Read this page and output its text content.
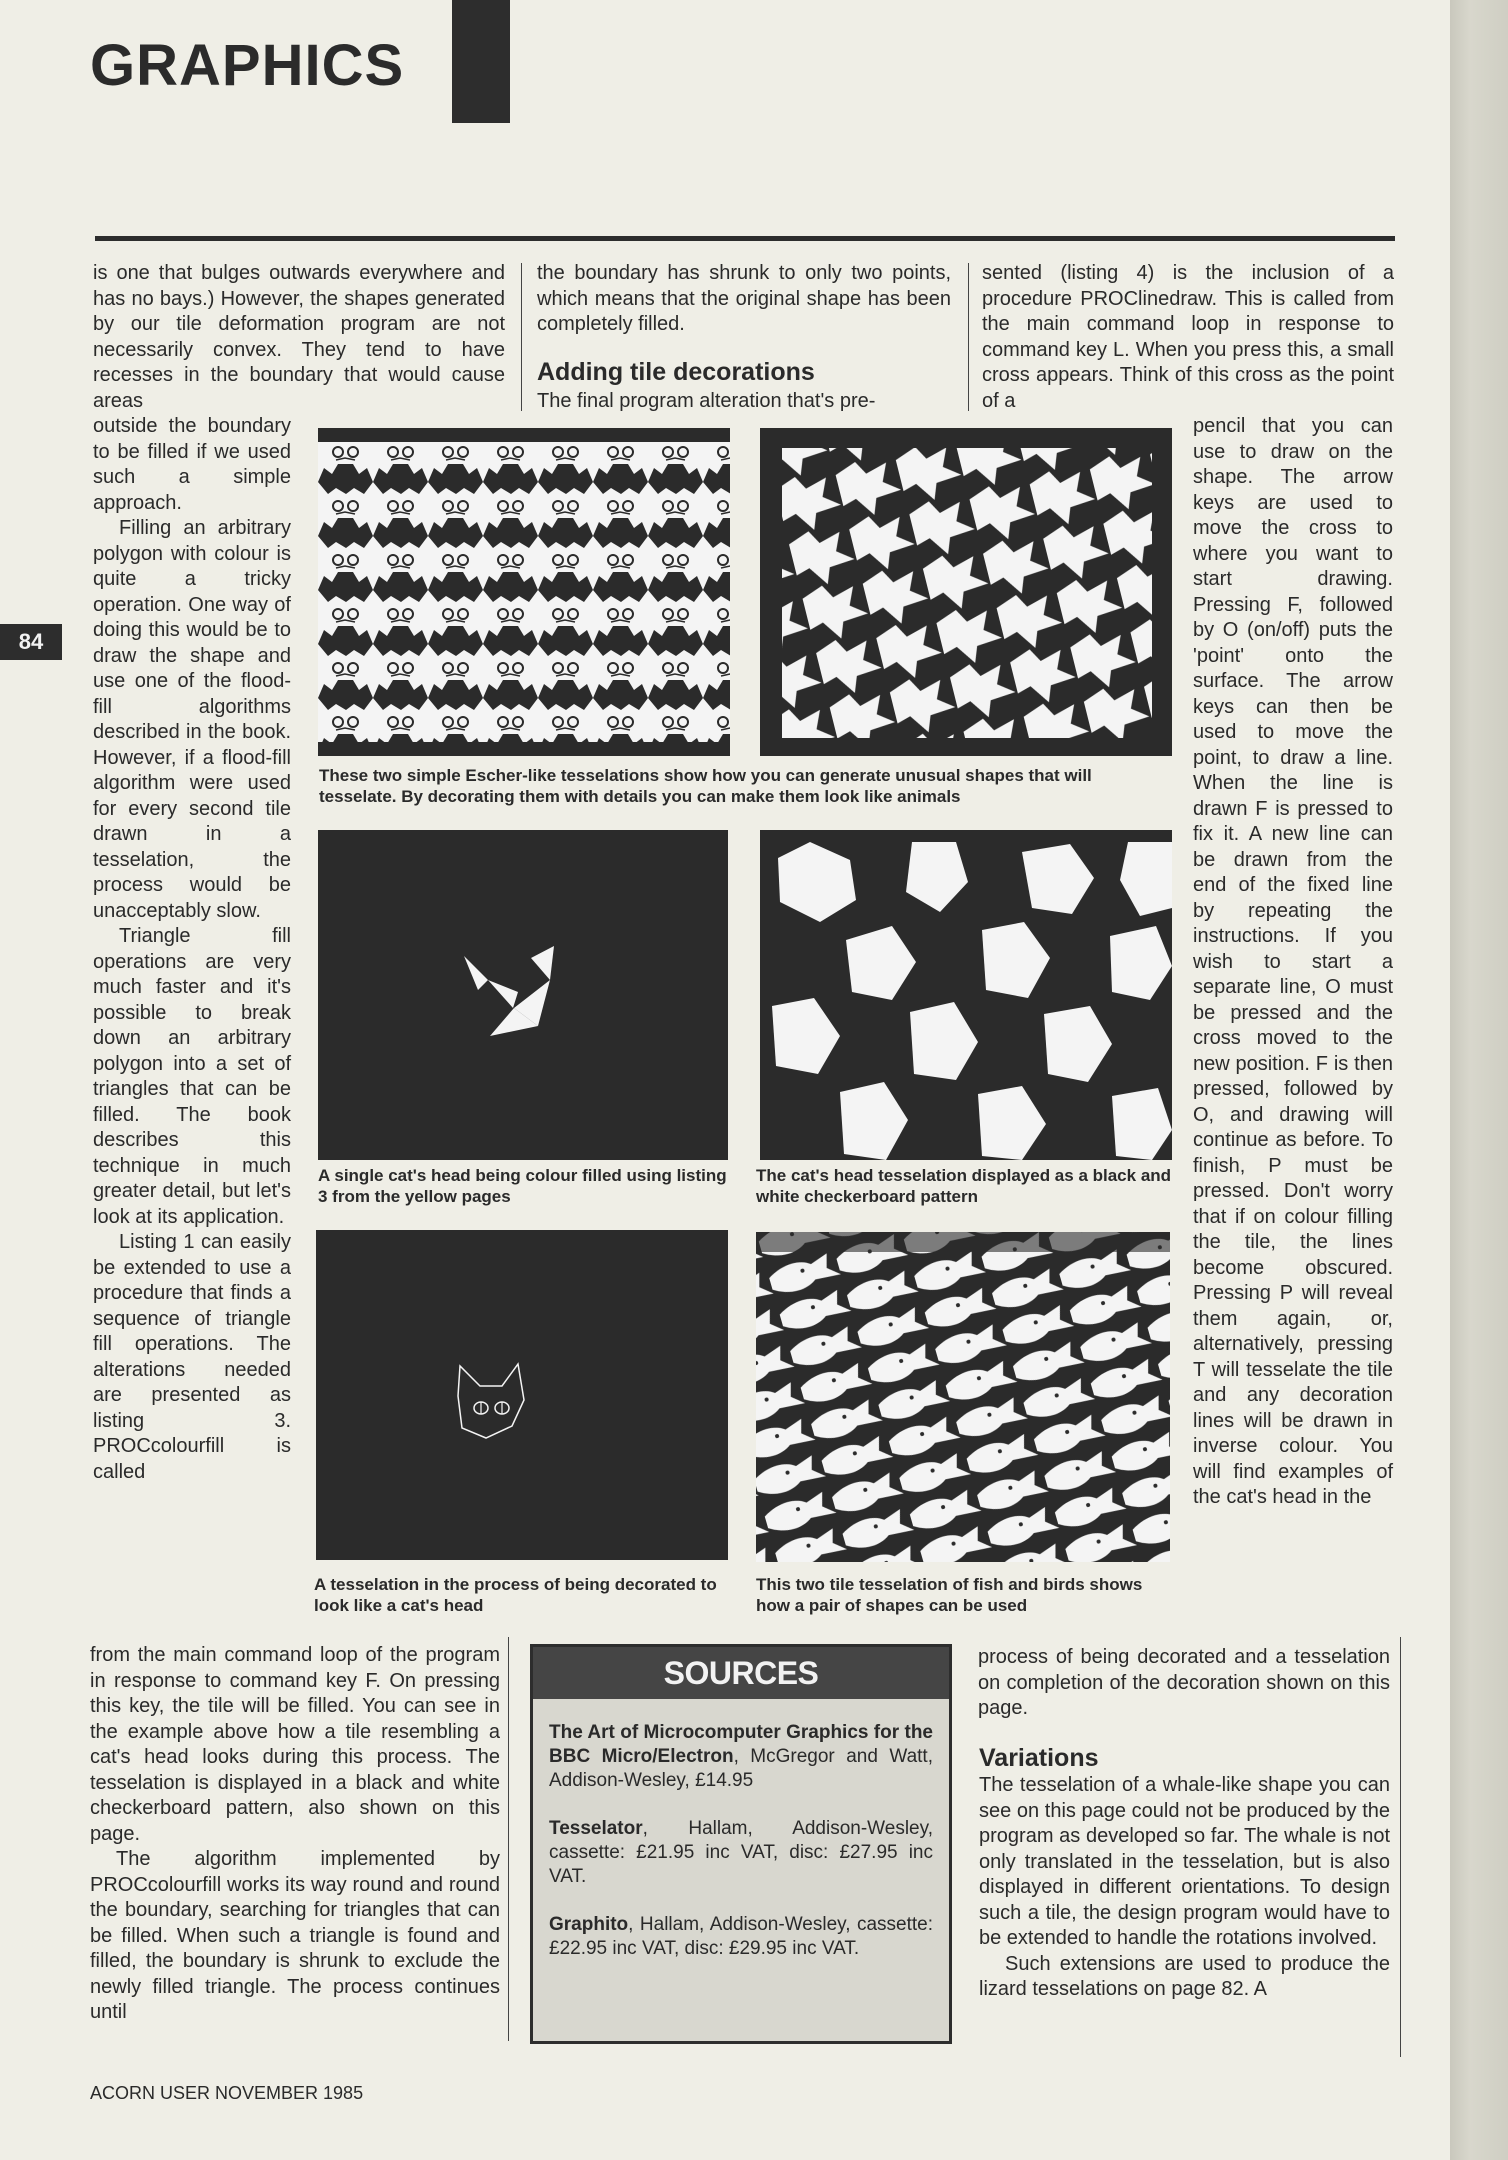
GRAPHICS
84

is one that bulges outwards everywhere and has no bays.) However, the shapes generated by our tile deformation program are not necessarily convex. They tend to have recesses in the boundary that would cause areas

outside the boundary to be filled if we used such a simple approach.

Filling an arbitrary polygon with colour is quite a tricky operation. One way of doing this would be to draw the shape and use one of the flood-fill algorithms described in the book. However, if a flood-fill algorithm were used for every second tile drawn in a tesselation, the process would be unacceptably slow.

Triangle fill operations are very much faster and it's possible to break down an arbitrary polygon into a set of triangles that can be filled. The book describes this technique in much greater detail, but let's look at its application.

Listing 1 can easily be extended to use a procedure that finds a sequence of triangle fill operations. The alterations needed are presented as listing 3. PROCcolourfill is called

from the main command loop of the program in response to command key F. On pressing this key, the tile will be filled. You can see in the example above how a tile resembling a cat's head looks during this process. The tesselation is displayed in a black and white checkerboard pattern, also shown on this page.

The algorithm implemented by PROCcolourfill works its way round and round the boundary, searching for triangles that can be filled. When such a triangle is found and filled, the boundary is shrunk to exclude the newly filled triangle. The process continues until

the boundary has shrunk to only two points, which means that the original shape has been completely filled.

Adding tile decorations

The final program alteration that's pre-

sented (listing 4) is the inclusion of a procedure PROClinedraw. This is called from the main command loop in response to command key L. When you press this, a small cross appears. Think of this cross as the point of a

pencil that you can use to draw on the shape. The arrow keys are used to move the cross to where you want to start drawing. Pressing F, followed by O (on/off) puts the 'point' onto the surface. The arrow keys can then be used to move the point, to draw a line. When the line is drawn F is pressed to fix it. A new line can be drawn from the end of the fixed line by repeating the instructions. If you wish to start a separate line, O must be pressed and the cross moved to the new position. F is then pressed, followed by O, and drawing will continue as before. To finish, P must be pressed. Don't worry that if on colour filling the tile, the lines become obscured. Pressing P will reveal them again, or, alternatively, pressing T will tesselate the tile and any decoration lines will be drawn in inverse colour. You will find examples of the cat's head in the

process of being decorated and a tesselation on completion of the decoration shown on this page.

Variations

The tesselation of a whale-like shape you can see on this page could not be produced by the program as developed so far. The whale is not only translated in the tesselation, but is also displayed in different orientations. To design such a tile, the design program would have to be extended to handle the rotations involved.

Such extensions are used to produce the lizard tesselations on page 82. A

These two simple Escher-like tesselations show how you can generate unusual shapes that will tesselate. By decorating them with details you can make them look like animals

A single cat's head being colour filled using listing 3 from the yellow pages

The cat's head tesselation displayed as a black and white checkerboard pattern

A tesselation in the process of being decorated to look like a cat's head

This two tile tesselation of fish and birds shows how a pair of shapes can be used

SOURCES

The Art of Microcomputer Graphics for the BBC Micro/Electron, McGregor and Watt, Addison-Wesley, £14.95

Tesselator, Hallam, Addison-Wesley, cassette: £21.95 inc VAT, disc: £27.95 inc VAT.

Graphito, Hallam, Addison-Wesley, cassette: £22.95 inc VAT, disc: £29.95 inc VAT.

ACORN USER NOVEMBER 1985
